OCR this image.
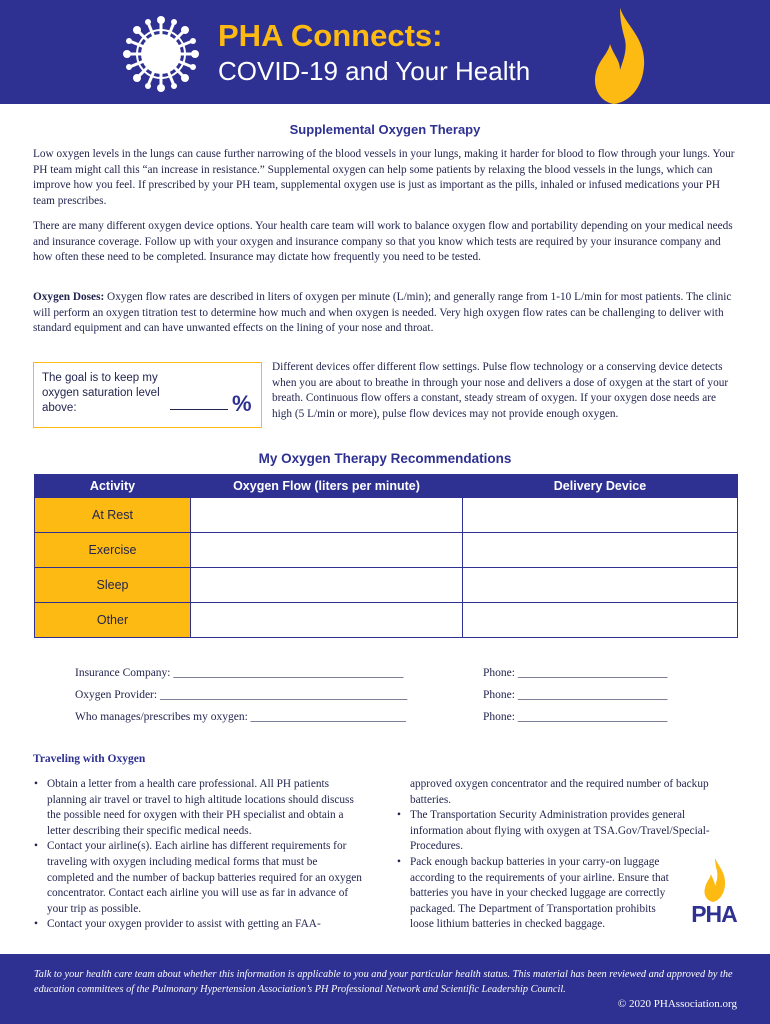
PHA Connects:
COVID-19 and Your Health
Supplemental Oxygen Therapy
Low oxygen levels in the lungs can cause further narrowing of the blood vessels in your lungs, making it harder for blood to flow through your lungs. Your PH team might call this “an increase in resistance.” Supplemental oxygen can help some patients by relaxing the blood vessels in the lungs, which can improve how you feel. If prescribed by your PH team, supplemental oxygen use is just as important as the pills, inhaled or infused medications your PH team prescribes.
There are many different oxygen device options. Your health care team will work to balance oxygen flow and portability depending on your medical needs and insurance coverage. Follow up with your oxygen and insurance company so that you know which tests are required by your insurance company and how often these need to be completed. Insurance may dictate how frequently you need to be tested.
Oxygen Doses: Oxygen flow rates are described in liters of oxygen per minute (L/min); and generally range from 1-10 L/min for most patients. The clinic will perform an oxygen titration test to determine how much and when oxygen is needed. Very high oxygen flow rates can be challenging to deliver with standard equipment and can have unwanted effects on the lining of your nose and throat.
The goal is to keep my oxygen saturation level above:	%
Different devices offer different flow settings. Pulse flow technology or a conserving device detects when you are about to breathe in through your nose and delivers a dose of oxygen at the start of your breath. Continuous flow offers a constant, steady stream of oxygen. If your oxygen dose needs are high (5 L/min or more), pulse flow devices may not provide enough oxygen.
My Oxygen Therapy Recommendations
Activity	Oxygen Flow (liters per minute)	Delivery Device
At Rest		
Exercise		
Sleep		
Other		
Insurance Company: ________________________________________	Phone: __________________________
Oxygen Provider: ___________________________________________	Phone: __________________________
Who manages/prescribes my oxygen: ___________________________	Phone: __________________________
Traveling with Oxygen
• Obtain a letter from a health care professional. All PH patients planning air travel or travel to high altitude locations should discuss the possible need for oxygen with their PH specialist and obtain a letter describing their specific medical needs.
• Contact your airline(s). Each airline has different requirements for traveling with oxygen including medical forms that must be completed and the number of backup batteries required for an oxygen concentrator. Contact each airline you will use as far in advance of your trip as possible.
• Contact your oxygen provider to assist with getting an FAA-
approved oxygen concentrator and the required number of backup batteries.
• The Transportation Security Administration provides general information about flying with oxygen at TSA.Gov/Travel/Special-Procedures.
• Pack enough backup batteries in your carry-on luggage according to the requirements of your airline. Ensure that batteries you have in your checked luggage are correctly packaged. The Department of Transportation prohibits loose lithium batteries in checked baggage.	PHA
Talk to your health care team about whether this information is applicable to you and your particular health status. This material has been reviewed and approved by the education committees of the Pulmonary Hypertension Association’s PH Professional Network and Scientific Leadership Council.
© 2020 PHAssociation.org
